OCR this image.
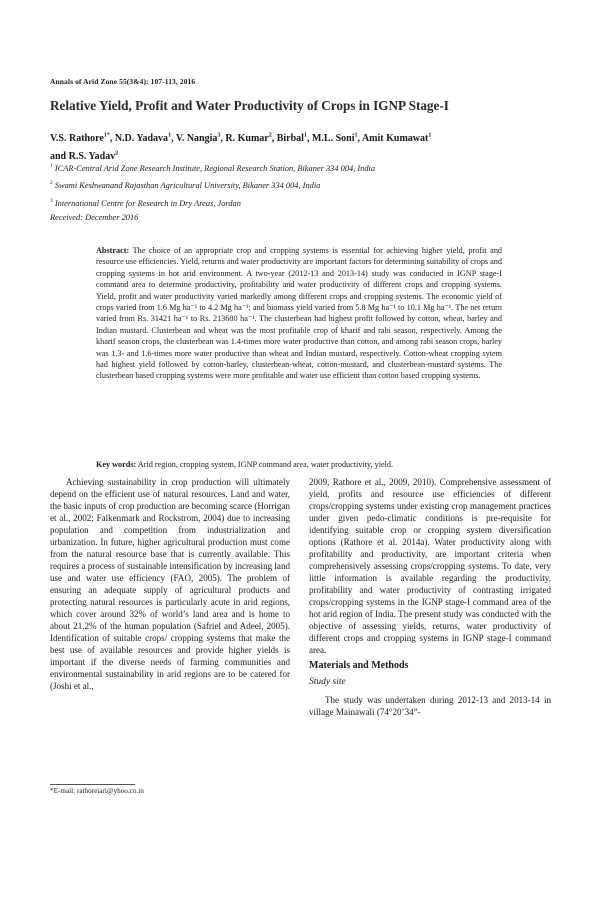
Annals of Arid Zone 55(3&4): 107-113, 2016
Relative Yield, Profit and Water Productivity of Crops in IGNP Stage-I
V.S. Rathore$^{1*}$, N.D. Yadava$^1$, V. Nangia$^3$, R. Kumar$^2$, Birbal$^1$, M.L. Soni$^1$, Amit Kumawat$^1$
and R.S. Yadav$^2$
$^1$ ICAR-Central Arid Zone Research Institute, Regional Research Station, Bikaner 334 004, India
$^2$ Swami Keshwanand Rajasthan Agricultural University, Bikaner 334 004, India
$^3$ International Centre for Research in Dry Areas, Jordan
Received: December 2016
Abstract: The choice of an appropriate crop and cropping systems is essential for achieving higher yield, profit and resource use efficiencies. Yield, returns and water productivity are important factors for determining suitability of crops and cropping systems in hot arid environment. A two-year (2012-13 and 2013-14) study was conducted in IGNP stage-I command area to determine productivity, profitability and water productivity of different crops and cropping systems. Yield, profit and water productivity varied markedly among different crops and cropping systems. The economic yield of crops varied from 1.6 Mg ha⁻¹ to 4.2 Mg ha⁻¹; and biomass yield varied from 5.8 Mg ha⁻¹ to 10.1 Mg ha⁻¹. The net return varied from Rs. 31421 ha⁻¹ to Rs. 213680 ha⁻¹. The clusterbean had highest profit followed by cotton, wheat, barley and Indian mustard. Clusterbean and wheat was the most profitable crop of kharif and rabi season, respectively. Among the kharif season crops, the clusterbean was 1.4-times more water productive than cotton, and among rabi season crops, barley was 1.3- and 1.6-times more water productive than wheat and Indian mustard, respectively. Cotton-wheat cropping sytem had highest yield followed by cotton-barley, clusterbean-wheat, cotton-mustard, and clusterbean-mustard systems. The clusterbean based cropping systems were more profitable and water use efficient than cotton based cropping systems.
Key words: Arid region, cropping system, IGNP command area, water productivity, yield.

Achieving sustainability in crop production will ultimately depend on the efficient use of natural resources. Land and water, the basic inputs of crop production are becoming scarce (Horrigan et al., 2002; Falkenmark and Rockstrom, 2004) due to increasing population and competition from industrialization and urbanization. In future, higher agricultural production must come from the natural resource base that is currently available. This requires a process of sustainable intensification by increasing land use and water use efficiency (FAO, 2005). The problem of ensuring an adequate supply of agricultural products and protecting natural resources is particularly acute in arid regions, which cover around 32% of world’s land area and is home to about 21.2% of the human population (Safriel and Adeel, 2005). Identification of suitable crops/ cropping systems that make the best use of available resources and provide higher yields is important if the diverse needs of farming communities and environmental sustainability in arid regions are to be catered for (Joshi et al.,

2009, Rathore et al., 2009, 2010). Comprehensive assessment of yield, profits and resource use efficiencies of different crops/cropping systems under existing crop management practices under given pedo-climatic conditions is pre-requisite for identifying suitable crop or cropping system diversification options (Rathore et al. 2014a). Water productivity along with profitability and productivity, are important criteria when comprehensively assessing crops/cropping systems. To date, very little information is available regarding the productivity, profitability and water productivity of contrasting irrigated crops/cropping systems in the IGNP stage-I command area of the hot arid region of India. The present study was conducted with the objective of assessing yields, returns, water productivity of different crops and cropping systems in IGNP stage-I command area.

Materials and Methods

Study site

The study was undertaken during 2012-13 and 2013-14 in village Mainawali (74°20’34”-

*E-mail: rathoreiari@yhoo.co.in
